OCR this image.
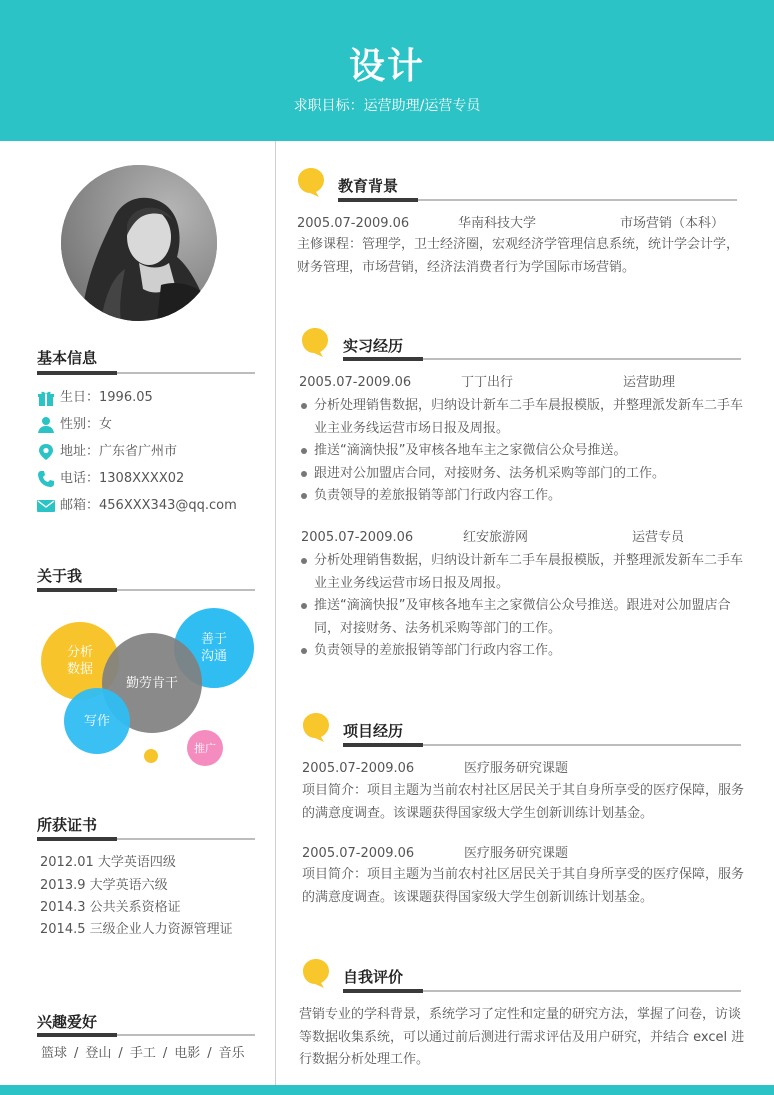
设计
求职目标：运营助理/运营专员
基本信息
生日：1996.05
性别：女
地址：广东省广州市
电话：1308XXXX02
邮箱：456XXX343@qq.com
关于我
分析
数据
善于
沟通
勤劳肯干
写作
推广
所获证书
2012.01 大学英语四级
2013.9 大学英语六级
2014.3 公共关系资格证
2014.5 三级企业人力资源管理证
兴趣爱好
篮球 / 登山 / 手工 / 电影 / 音乐
教育背景
2005.07-2009.06	华南科技大学	市场营销（本科）
主修课程：管理学，卫士经济圈，宏观经济学管理信息系统，统计学会计学，财务管理，市场营销，经济法消费者行为学国际市场营销。
实习经历
2005.07-2009.06	丁丁出行	运营助理
分析处理销售数据，归纳设计新车二手车晨报模版，并整理派发新车二手车业主业务线运营市场日报及周报。
推送“滴滴快报”及审核各地车主之家微信公众号推送。
跟进对公加盟店合同，对接财务、法务机采购等部门的工作。
负责领导的差旅报销等部门行政内容工作。
2005.07-2009.06	红安旅游网	运营专员
分析处理销售数据，归纳设计新车二手车晨报模版，并整理派发新车二手车业主业务线运营市场日报及周报。
推送“滴滴快报”及审核各地车主之家微信公众号推送。跟进对公加盟店合同，对接财务、法务机采购等部门的工作。
负责领导的差旅报销等部门行政内容工作。
项目经历
2005.07-2009.06	医疗服务研究课题
项目简介：项目主题为当前农村社区居民关于其自身所享受的医疗保障，服务的满意度调查。该课题获得国家级大学生创新训练计划基金。
2005.07-2009.06	医疗服务研究课题
项目简介：项目主题为当前农村社区居民关于其自身所享受的医疗保障，服务的满意度调查。该课题获得国家级大学生创新训练计划基金。
自我评价
营销专业的学科背景，系统学习了定性和定量的研究方法，掌握了问卷，访谈等数据收集系统，可以通过前后测进行需求评估及用户研究，并结合 excel 进行数据分析处理工作。
